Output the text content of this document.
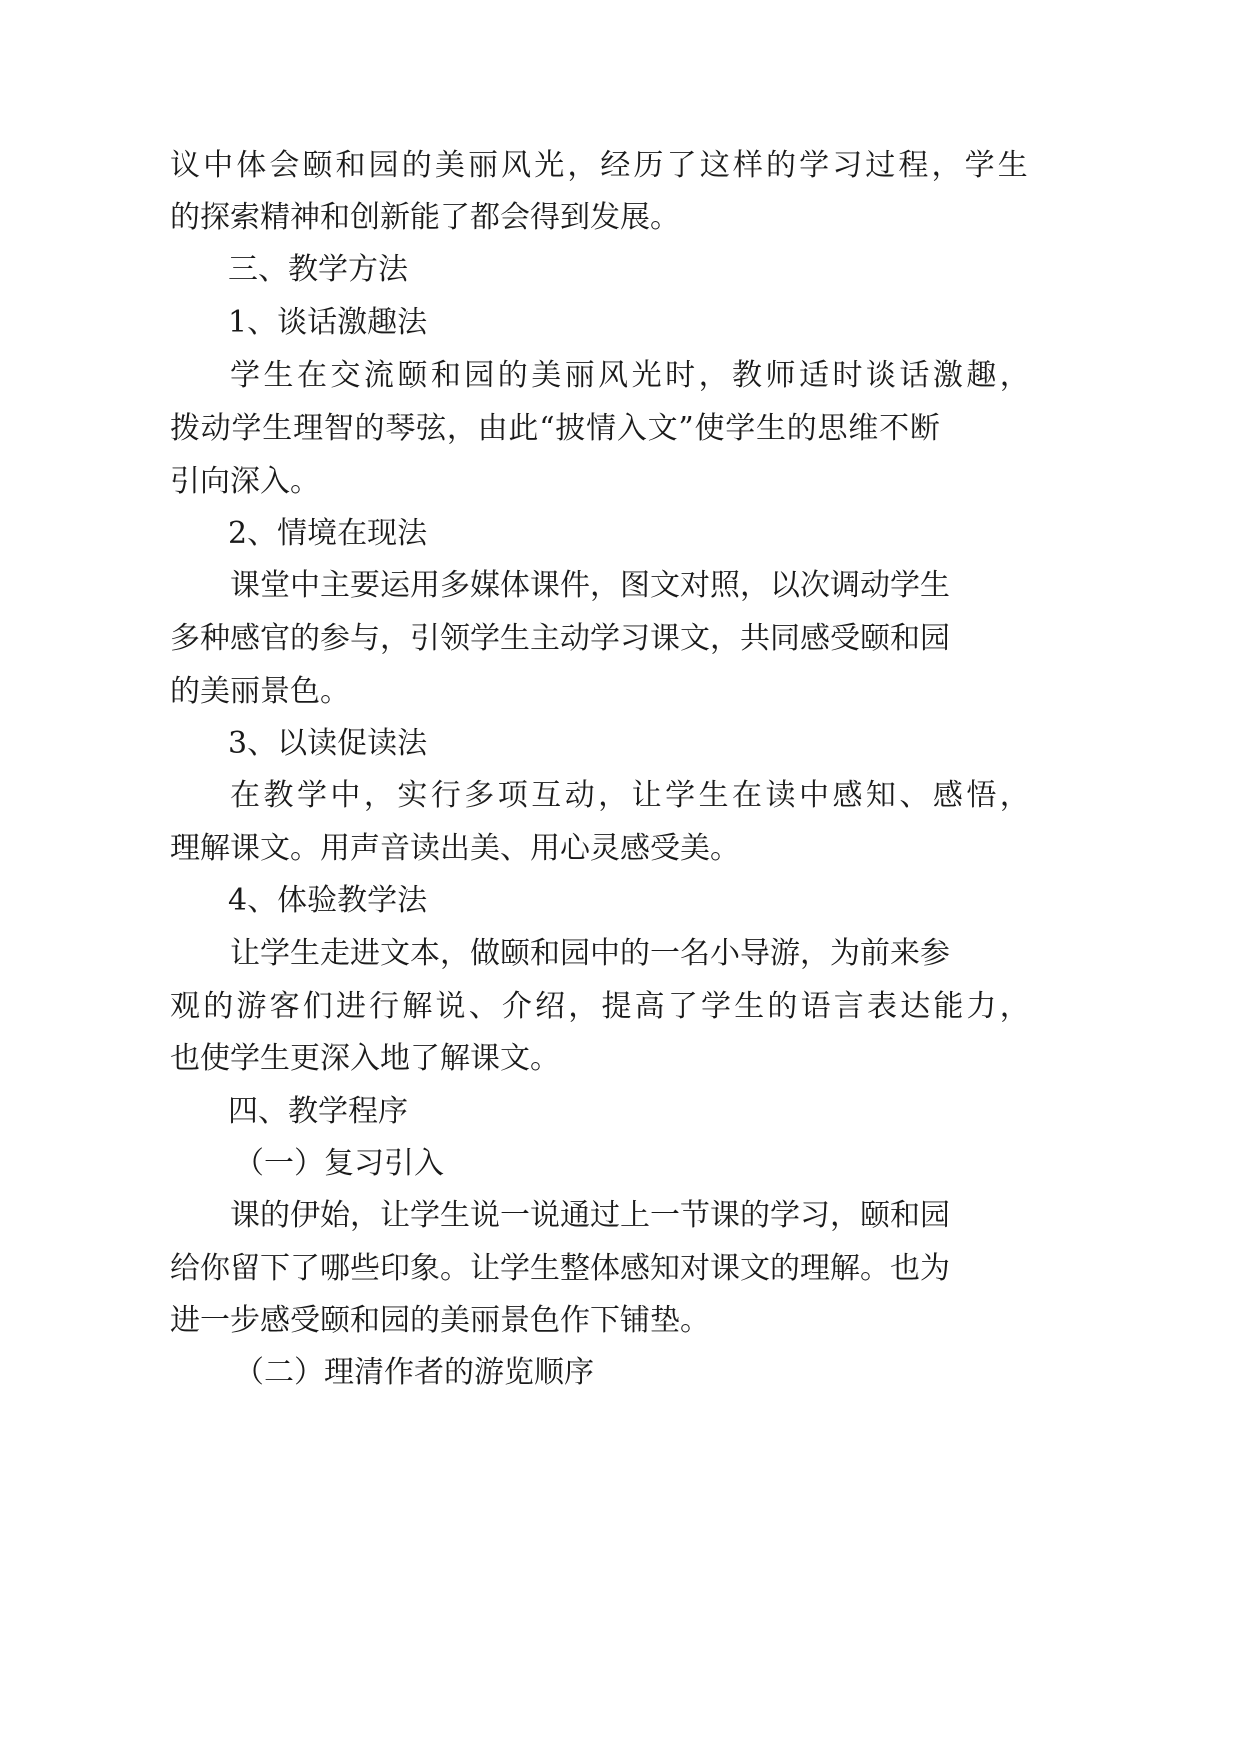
议 中 体 会 颐 和 园 的 美 丽 风 光 ， 经 历 了 这 样 的 学 习 过 程 ， 学 生
的探索精神和创新能了都会得到发展。
三、教学方法
1、谈话激趣法
学 生 在 交 流 颐 和 园 的 美 丽 风 光 时 ， 教 师 适 时 谈 话 激 趣 ，
拨 动 学 生 理 智 的 琴 弦 ， 由 此 “ 披 情 入 文 ” 使 学 生 的 思 维 不 断
引向深入。
2、情境在现法
课 堂 中 主 要 运 用 多 媒 体 课 件 ， 图 文 对 照 ， 以 次 调 动 学 生
多 种 感 官 的 参 与 ， 引 领 学 生 主 动 学 习 课 文 ， 共 同 感 受 颐 和 园
的美丽景色。
3、以读促读法
在 教 学 中 ， 实 行 多 项 互 动 ， 让 学 生 在 读 中 感 知 、 感 悟 ，
理解课文。用声音读出美、用心灵感受美。
4、体验教学法
让 学 生 走 进 文 本 ， 做 颐 和 园 中 的 一 名 小 导 游 ， 为 前 来 参
观 的 游 客 们 进 行 解 说 、 介 绍 ， 提 高 了 学 生 的 语 言 表 达 能 力 ，
也使学生更深入地了解课文。
四、教学程序
（一）复习引入
课 的 伊 始 ， 让 学 生 说 一 说 通 过 上 一 节 课 的 学 习 ， 颐 和 园
给 你 留 下 了 哪 些 印 象 。 让 学 生 整 体 感 知 对 课 文 的 理 解 。 也 为
进一步感受颐和园的美丽景色作下铺垫。
（二）理清作者的游览顺序
